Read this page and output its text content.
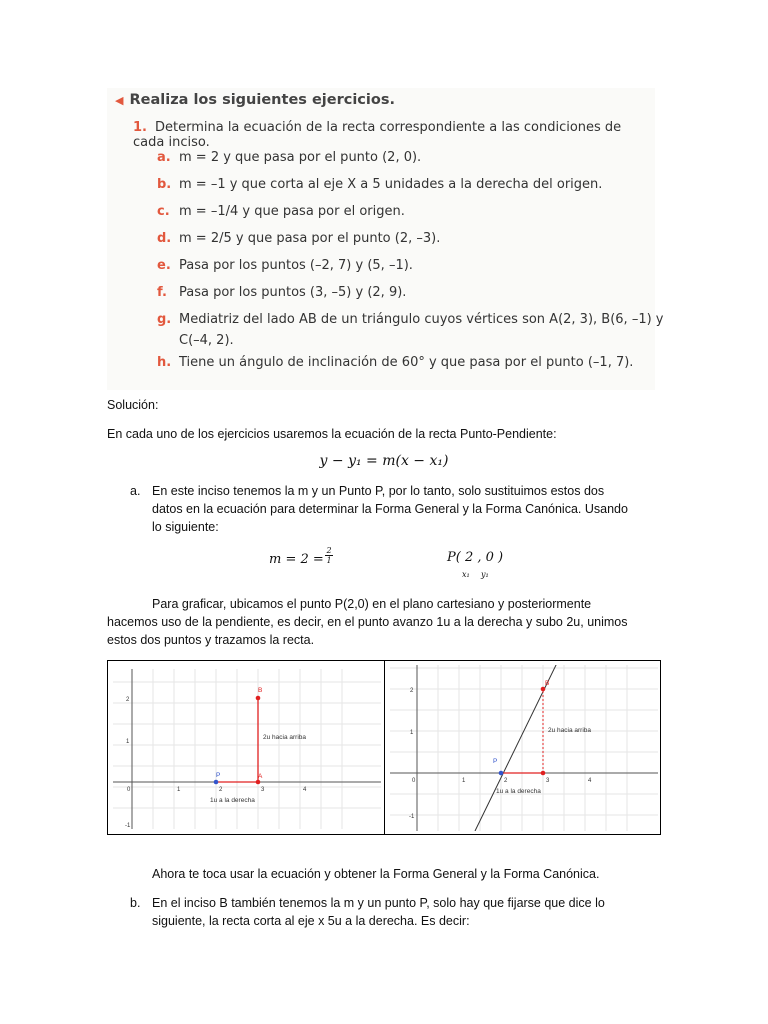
◀ Realiza los siguientes ejercicios.
1. Determina la ecuación de la recta correspondiente a las condiciones de cada inciso.
a. m = 2 y que pasa por el punto (2, 0).
b. m = –1 y que corta al eje X a 5 unidades a la derecha del origen.
c. m = –1/4 y que pasa por el origen.
d. m = 2/5 y que pasa por el punto (2, –3).
e. Pasa por los puntos (–2, 7) y (5, –1).
f. Pasa por los puntos (3, –5) y (2, 9).
g. Mediatriz del lado AB de un triángulo cuyos vértices son A(2, 3), B(6, –1) y
C(–4, 2).
h. Tiene un ángulo de inclinación de 60° y que pasa por el punto (–1, 7).
Solución:
En cada uno de los ejercicios usaremos la ecuación de la recta Punto-Pendiente:
y − y₁ = m(x − x₁)
a. En este inciso tenemos la m y un Punto P, por lo tanto, solo sustituimos estos dos
datos en la ecuación para determinar la Forma General y la Forma Canónica. Usando
lo siguiente:
$m = 2 = \frac{2}{1}$	P( 2 , 0 )
x₁ y₁
Para graficar, ubicamos el punto P(2,0) en el plano cartesiano y posteriormente
hacemos uso de la pendiente, es decir, en el punto avanzo 1u a la derecha y subo 2u, unimos
estos dos puntos y trazamos la recta.
0	1	2	3	4
2
1
-1
B
P	A
2u hacia arriba
1u a la derecha
0	1	2	3	4
2
1
-1
B
P
2u hacia arriba
1u a la derecha
Ahora te toca usar la ecuación y obtener la Forma General y la Forma Canónica.
b. En el inciso B también tenemos la m y un punto P, solo hay que fijarse que dice lo
siguiente, la recta corta al eje x 5u a la derecha. Es decir:
